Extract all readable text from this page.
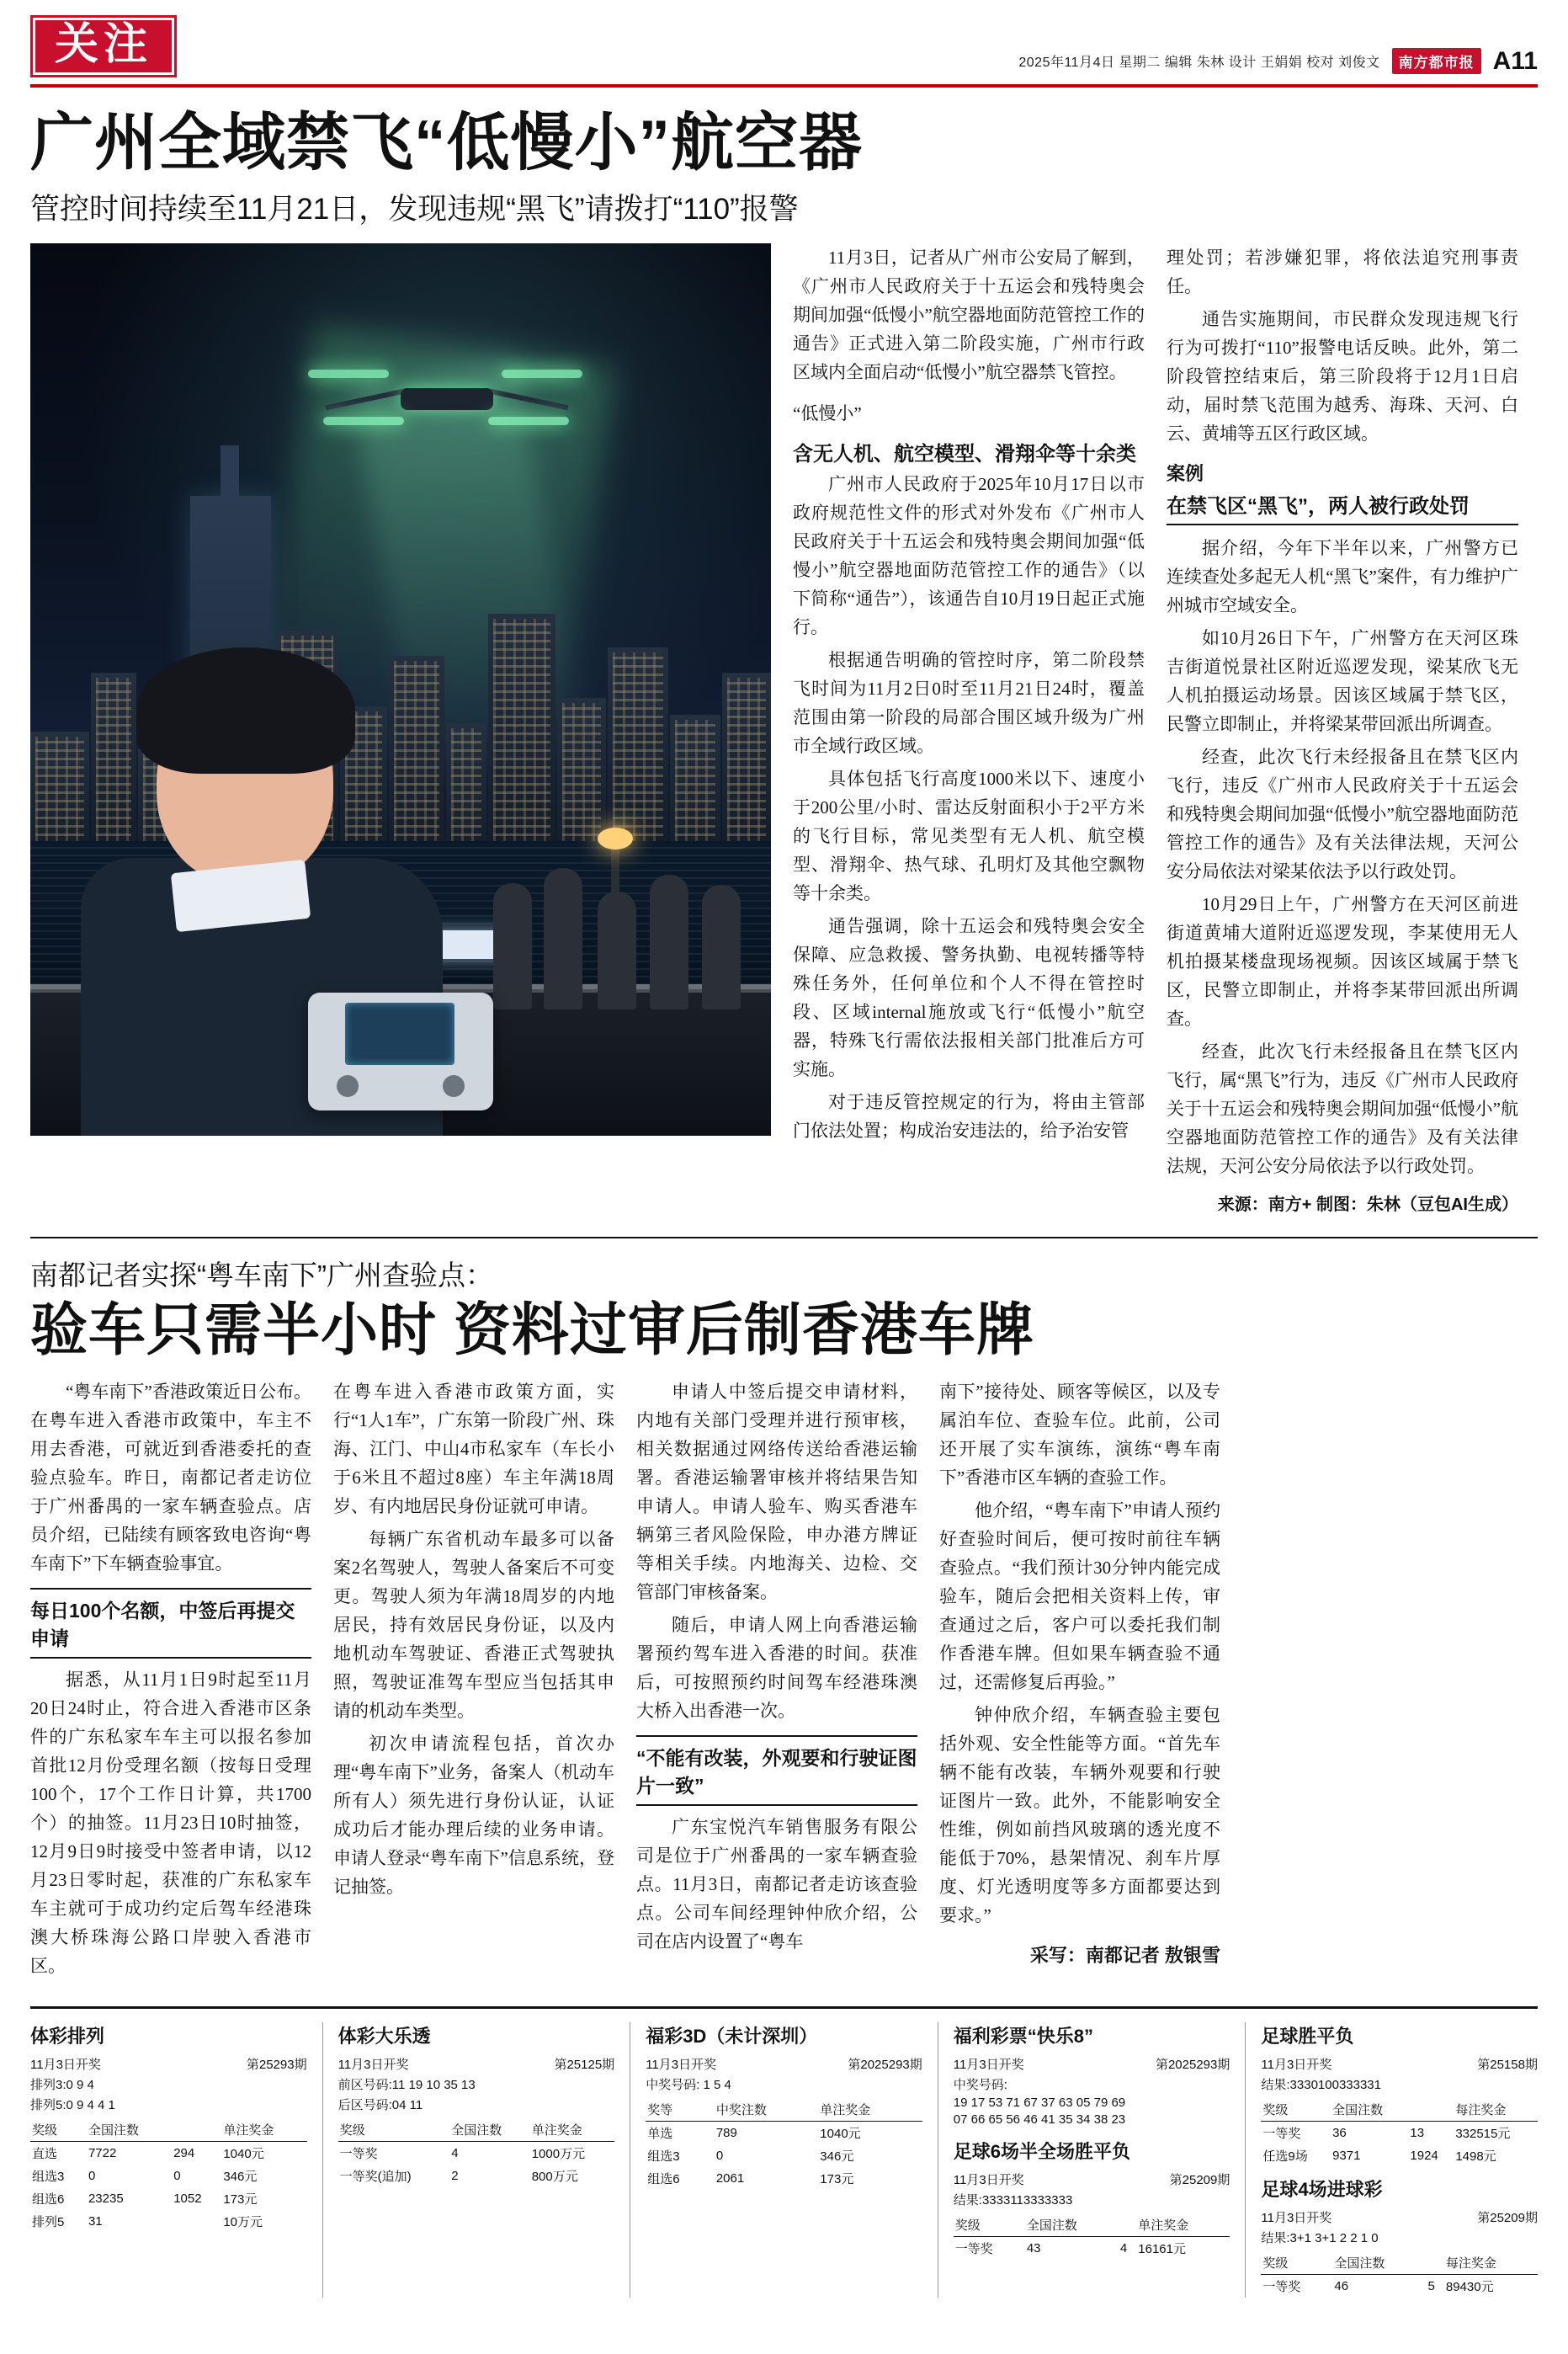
关注	2025年11月4日 星期二 编辑 朱林 设计 王娟娟 校对 刘俊文	南方都市报 A11
广州全域禁飞“低慢小”航空器
管控时间持续至11月21日，发现违规“黑飞”请拨打“110”报警

11月3日，记者从广州市公安局了解到，《广州市人民政府关于十五运会和残特奥会期间加强“低慢小”航空器地面防范管控工作的通告》正式进入第二阶段实施，广州市行政区域内全面启动“低慢小”航空器禁飞管控。

“低慢小”
含无人机、航空模型、滑翔伞等十余类

广州市人民政府于2025年10月17日以市政府规范性文件的形式对外发布《广州市人民政府关于十五运会和残特奥会期间加强“低慢小”航空器地面防范管控工作的通告》（以下简称“通告”），该通告自10月19日起正式施行。

根据通告明确的管控时序，第二阶段禁飞时间为11月2日0时至11月21日24时，覆盖范围由第一阶段的局部合围区域升级为广州市全域行政区域。

具体包括飞行高度1000米以下、速度小于200公里/小时、雷达反射面积小于2平方米的飞行目标，常见类型有无人机、航空模型、滑翔伞、热气球、孔明灯及其他空飘物等十余类。

通告强调，除十五运会和残特奥会安全保障、应急救援、警务执勤、电视转播等特殊任务外，任何单位和个人不得在管控时段、区域internal施放或飞行“低慢小”航空器，特殊飞行需依法报相关部门批准后方可实施。

对于违反管控规定的行为，将由主管部门依法处置；构成治安违法的，给予治安管

理处罚；若涉嫌犯罪，将依法追究刑事责任。

通告实施期间，市民群众发现违规飞行行为可拨打“110”报警电话反映。此外，第二阶段管控结束后，第三阶段将于12月1日启动，届时禁飞范围为越秀、海珠、天河、白云、黄埔等五区行政区域。

案例
在禁飞区“黑飞”，两人被行政处罚

据介绍，今年下半年以来，广州警方已连续查处多起无人机“黑飞”案件，有力维护广州城市空域安全。

如10月26日下午，广州警方在天河区珠吉街道悦景社区附近巡逻发现，梁某欣飞无人机拍摄运动场景。因该区域属于禁飞区，民警立即制止，并将梁某带回派出所调查。

经查，此次飞行未经报备且在禁飞区内飞行，违反《广州市人民政府关于十五运会和残特奥会期间加强“低慢小”航空器地面防范管控工作的通告》及有关法律法规，天河公安分局依法对梁某依法予以行政处罚。

10月29日上午，广州警方在天河区前进街道黄埔大道附近巡逻发现，李某使用无人机拍摄某楼盘现场视频。因该区域属于禁飞区，民警立即制止，并将李某带回派出所调查。

经查，此次飞行未经报备且在禁飞区内飞行，属“黑飞”行为，违反《广州市人民政府关于十五运会和残特奥会期间加强“低慢小”航空器地面防范管控工作的通告》及有关法律法规，天河公安分局依法予以行政处罚。

来源：南方+ 制图：朱林（豆包AI生成）
南都记者实探“粤车南下”广州查验点：
验车只需半小时 资料过审后制香港车牌

“粤车南下”香港政策近日公布。在粤车进入香港市政策中，车主不用去香港，可就近到香港委托的查验点验车。昨日，南都记者走访位于广州番禺的一家车辆查验点。店员介绍，已陆续有顾客致电咨询“粤车南下”下车辆查验事宜。

每日100个名额，中签后再提交申请

据悉，从11月1日9时起至11月20日24时止，符合进入香港市区条件的广东私家车车主可以报名参加首批12月份受理名额（按每日受理100个，17个工作日计算，共1700个）的抽签。11月23日10时抽签，12月9日9时接受中签者申请，以12月23日零时起，获准的广东私家车车主就可于成功约定后驾车经港珠澳大桥珠海公路口岸驶入香港市区。

在粤车进入香港市政策方面，实行“1人1车”，广东第一阶段广州、珠海、江门、中山4市私家车（车长小于6米且不超过8座）车主年满18周岁、有内地居民身份证就可申请。

每辆广东省机动车最多可以备案2名驾驶人，驾驶人备案后不可变更。驾驶人须为年满18周岁的内地居民，持有效居民身份证，以及内地机动车驾驶证、香港正式驾驶执照，驾驶证准驾车型应当包括其申请的机动车类型。

初次申请流程包括，首次办理“粤车南下”业务，备案人（机动车所有人）须先进行身份认证，认证成功后才能办理后续的业务申请。申请人登录“粤车南下”信息系统，登记抽签。

申请人中签后提交申请材料，内地有关部门受理并进行预审核，相关数据通过网络传送给香港运输署。香港运输署审核并将结果告知申请人。申请人验车、购买香港车辆第三者风险保险，申办港方牌证等相关手续。内地海关、边检、交管部门审核备案。

随后，申请人网上向香港运输署预约驾车进入香港的时间。获准后，可按照预约时间驾车经港珠澳大桥入出香港一次。

“不能有改装，外观要和行驶证图片一致”

广东宝悦汽车销售服务有限公司是位于广州番禺的一家车辆查验点。11月3日，南都记者走访该查验点。公司车间经理钟仲欣介绍，公司在店内设置了“粤车

南下”接待处、顾客等候区，以及专属泊车位、查验车位。此前，公司还开展了实车演练，演练“粤车南下”香港市区车辆的查验工作。

他介绍，“粤车南下”申请人预约好查验时间后，便可按时前往车辆查验点。“我们预计30分钟内能完成验车，随后会把相关资料上传，审查通过之后，客户可以委托我们制作香港车牌。但如果车辆查验不通过，还需修复后再验。”

钟仲欣介绍，车辆查验主要包括外观、安全性能等方面。“首先车辆不能有改装，车辆外观要和行驶证图片一致。此外，不能影响安全性维，例如前挡风玻璃的透光度不能低于70%，悬架情况、刹车片厚度、灯光透明度等多方面都要达到要求。”

采写：南都记者 敖银雪
体彩排列
11月3日开奖	第25293期
排列3:0 9 4
排列5:0 9 4 4 1
奖级	全国注数		单注奖金
直选	7722	294	1040元
组选3	0	0	346元
组选6	23235	1052	173元
排列5	31		10万元
体彩大乐透
11月3日开奖	第25125期
前区号码:11 19 10 35 13
后区号码:04 11
奖级	全国注数	单注奖金
一等奖	4	1000万元
一等奖(追加)	2	800万元
福彩3D（未计深圳）
11月3日开奖	第2025293期
中奖号码: 1 5 4
奖等	中奖注数	单注奖金
单选	789	1040元
组选3	0	346元
组选6	2061	173元
福利彩票“快乐8”
11月3日开奖	第2025293期
中奖号码:
19 17 53 71 67 37 63 05 79 69
07 66 65 56 46 41 35 34 38 23
足球6场半全场胜平负
11月3日开奖	第25209期
结果:3333113333333
奖级	全国注数		单注奖金
一等奖	43	4	16161元
足球胜平负
11月3日开奖	第25158期
结果:3330100333331
奖级	全国注数		每注奖金
一等奖	36	13	332515元
任选9场	9371	1924	1498元
足球4场进球彩
11月3日开奖	第25209期
结果:3+1 3+1 2 2 1 0
奖级	全国注数		每注奖金
一等奖	46	5	89430元
